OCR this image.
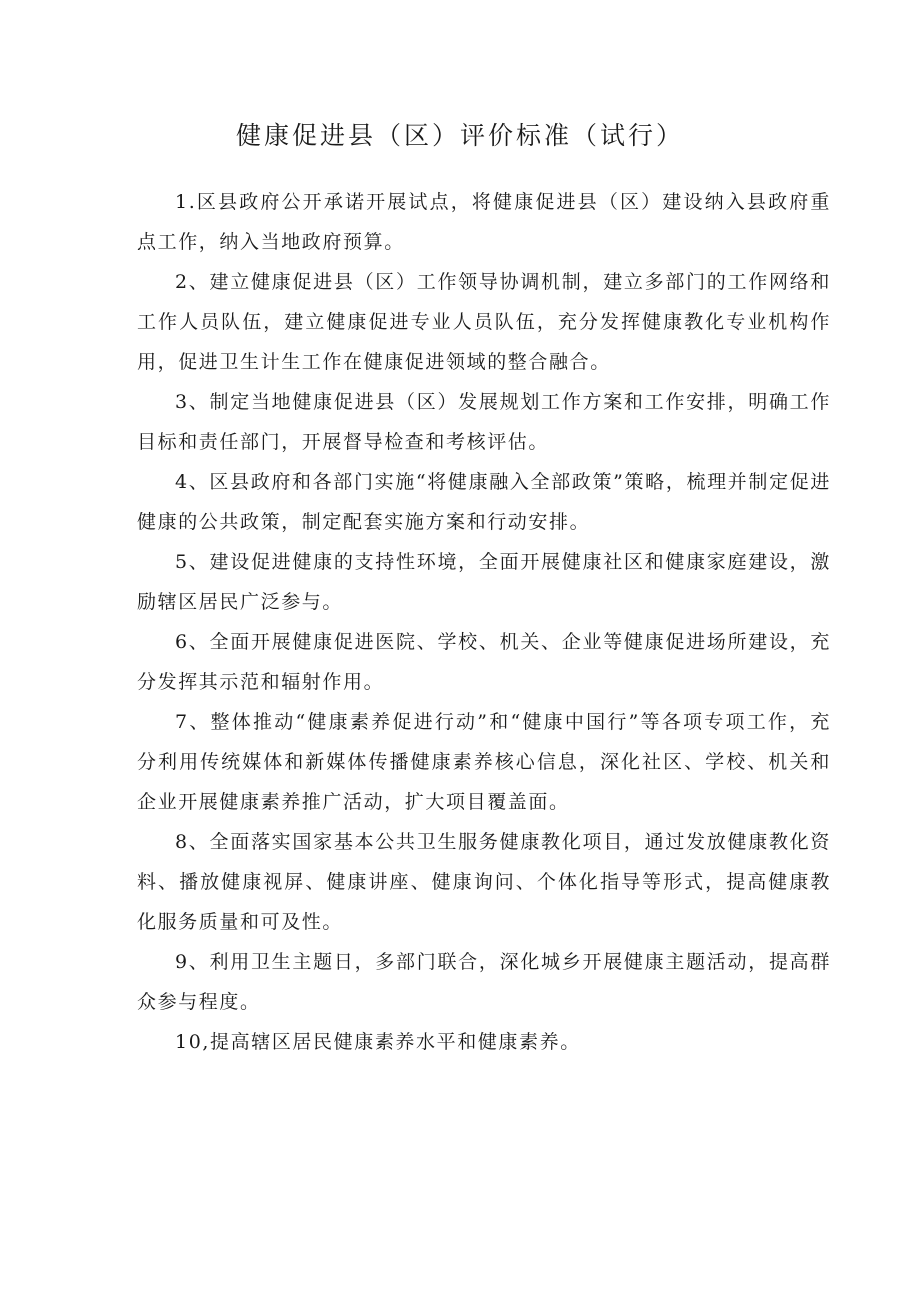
健康促进县（区）评价标准（试行）

1.区县政府公开承诺开展试点，将健康促进县（区）建设纳入县政府重点工作，纳入当地政府预算。

2、建立健康促进县（区）工作领导协调机制，建立多部门的工作网络和工作人员队伍，建立健康促进专业人员队伍，充分发挥健康教化专业机构作用，促进卫生计生工作在健康促进领域的整合融合。

3、制定当地健康促进县（区）发展规划工作方案和工作安排，明确工作目标和责任部门，开展督导检查和考核评估。

4、区县政府和各部门实施“将健康融入全部政策”策略，梳理并制定促进健康的公共政策，制定配套实施方案和行动安排。

5、建设促进健康的支持性环境，全面开展健康社区和健康家庭建设，激励辖区居民广泛参与。

6、全面开展健康促进医院、学校、机关、企业等健康促进场所建设，充分发挥其示范和辐射作用。

7、整体推动“健康素养促进行动”和“健康中国行”等各项专项工作，充分利用传统媒体和新媒体传播健康素养核心信息，深化社区、学校、机关和企业开展健康素养推广活动，扩大项目覆盖面。

8、全面落实国家基本公共卫生服务健康教化项目，通过发放健康教化资料、播放健康视屏、健康讲座、健康询问、个体化指导等形式，提高健康教化服务质量和可及性。

9、利用卫生主题日，多部门联合，深化城乡开展健康主题活动，提高群众参与程度。

10,提高辖区居民健康素养水平和健康素养。
